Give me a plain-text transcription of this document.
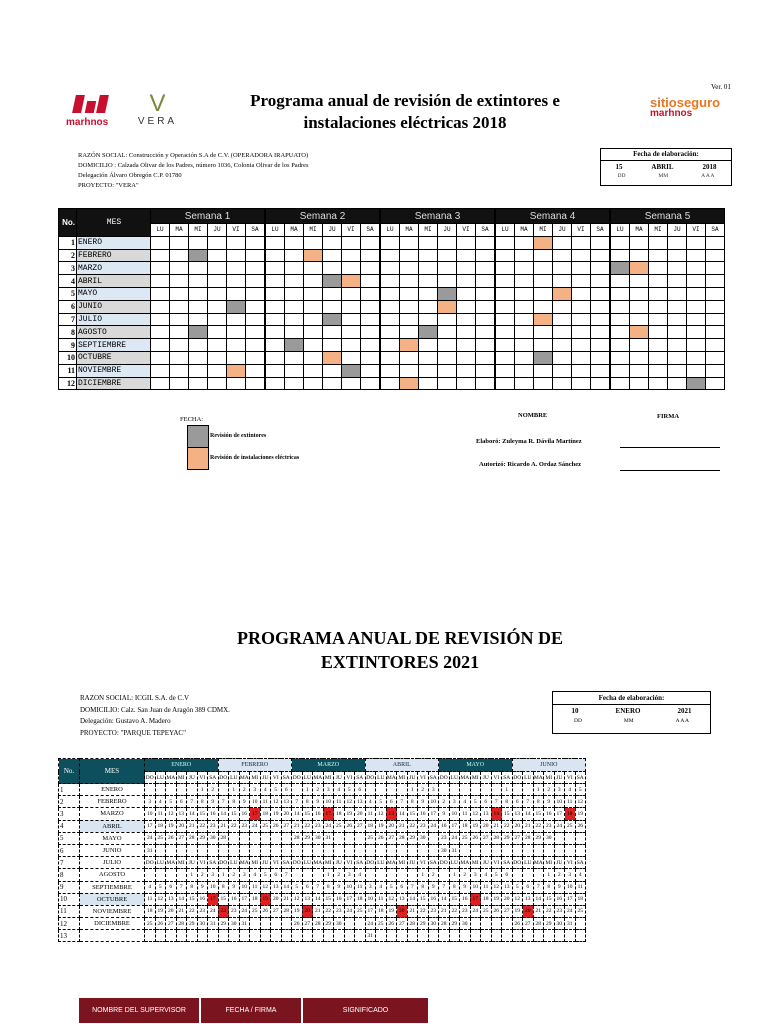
Ver. 01
marhnos
V
VERA
sitioseguro
marhnos
Programa anual de revisión de extintores e
instalaciones eléctricas 2018
RAZÓN SOCIAL: Construcción y Operación S.A de C.V. (OPERADORA IRAPUATO)
DOMICILIO : Calzada Olivar de los Padres, número 1036, Colonia Olivar de los Padres
Delegación Álvaro Obregón C.P. 01780
PROYECTO: "VERA"
Fecha de elaboración:
15	ABRIL	2018
DD	MM	A A A
No.	MES	Semana 1						Semana 2						Semana 3						Semana 4						Semana 5					
		LU	MA	MI	JU	VI	SA	LU	MA	MI	JU	VI	SA	LU	MA	MI	JU	VI	SA	LU	MA	MI	JU	VI	SA	LU	MA	MI	JU	VI	SA
1	ENERO																														
2	FEBRERO																														
3	MARZO																														
4	ABRIL																														
5	MAYO																														
6	JUNIO																														
7	JULIO																														
8	AGOSTO																														
9	SEPTIEMBRE																														
10	OCTUBRE																														
11	NOVIEMBRE																														
12	DICIEMBRE																														
FECHA:
Revisión de extintores
Revisión de instalaciones eléctricas
NOMBRE	FIRMA
Elaboró: Zuleyma R. Dávila Martínez
Autorizó: Ricardo A. Ordaz Sánchez
PROGRAMA ANUAL DE REVISIÓN DE
EXTINTORES 2021
RAZON SOCIAL: ICGIL S.A. de C.V
DOMICILIO: Calz. San Juan de Aragón 389 CDMX.
Delegación: Gustavo A. Madero
PROYECTO: "PARQUE TEPEYAC"
Fecha de elaboración:
10	ENERO	2021
DD	MM	A A A
No.	MES	ENERO							FEBRERO							MARZO							ABRIL							MAYO							JUNIO						
		DO	LU	MA	MI	JU	VI	SA	DO	LU	MA	MI	JU	VI	SA	DO	LU	MA	MI	JU	VI	SA	DO	LU	MA	MI	JU	VI	SA	DO	LU	MA	MI	JU	VI	SA	DO	LU	MA	MI	JU	VI	SA
1	ENERO						1	2		1	2	3	4	5	6		1	2	3	4	5	6					1	2	3							1			1	2	3	4	5
2	FEBRERO	3	4	5	6	7	8	9	7	8	9	10	11	12	13	7	8	9	10	11	12	13	4	5	6	7	8	9	10	2	3	4	5	6	7	8	6	7	8	9	10	11	12
3	MARZO	10	11	12	13	14	15	16	14	15	16	17	18	19	20	14	15	16	17	18	19	20	11	12	13	14	15	16	17	9	10	11	12	13	14	15	13	14	15	16	17	18	19
4	ABRIL	17	18	19	20	21	22	23	21	22	23	24	25	26	27	21	22	23	24	25	26	27	18	19	20	21	22	23	24	16	17	18	19	20	21	22	20	21	22	23	24	25	26
5	MAYO	24	25	26	27	28	29	30	28							28	29	30	31				25	26	27	28	29	30		23	24	25	26	27	28	29	27	28	29	30			
6	JUNIO	31																												30	31												
7	JULIO	DO	LU	MA	MI	JU	VI	SA	DO	LU	MA	MI	JU	VI	SA	DO	LU	MA	MI	JU	VI	SA	DO	LU	MA	MI	JU	VI	SA	DO	LU	MA	MI	JU	VI	SA	DO	LU	MA	MI	JU	VI	SA
8	AGOSTO					1	2	3	1	2	3	4	5	6	7				1	2	3	4						1	2		1	2	3	4	5	6				1	2	3	4
9	SEPTIEMBRE	4	5	6	7	8	9	10	8	9	10	11	12	13	14	5	6	7	8	9	10	11	3	4	5	6	7	8	9	7	8	9	10	11	12	13	5	6	7	8	9	10	11
10	OCTUBRE	11	12	13	14	15	16	17	15	16	17	18	19	20	21	12	13	14	15	16	17	18	10	11	12	13	14	15	16	14	15	16	17	18	19	20	12	13	14	15	16	17	18
11	NOVIEMBRE	18	19	20	21	22	23	24	22	23	24	25	26	27	28	19	20	21	22	23	24	25	17	18	19	20	21	22	23	21	22	23	24	25	26	27	19	20	21	22	23	24	25
12	DICIEMBRE	25	26	27	28	29	30	31	29	30	31					26	27	28	29	30			24	25	26	27	28	29	30	28	29	30					26	27	28	29	30	31	
13																							31																				
NOMBRE DEL SUPERVISOR	FECHA / FIRMA	SIGNIFICADO
